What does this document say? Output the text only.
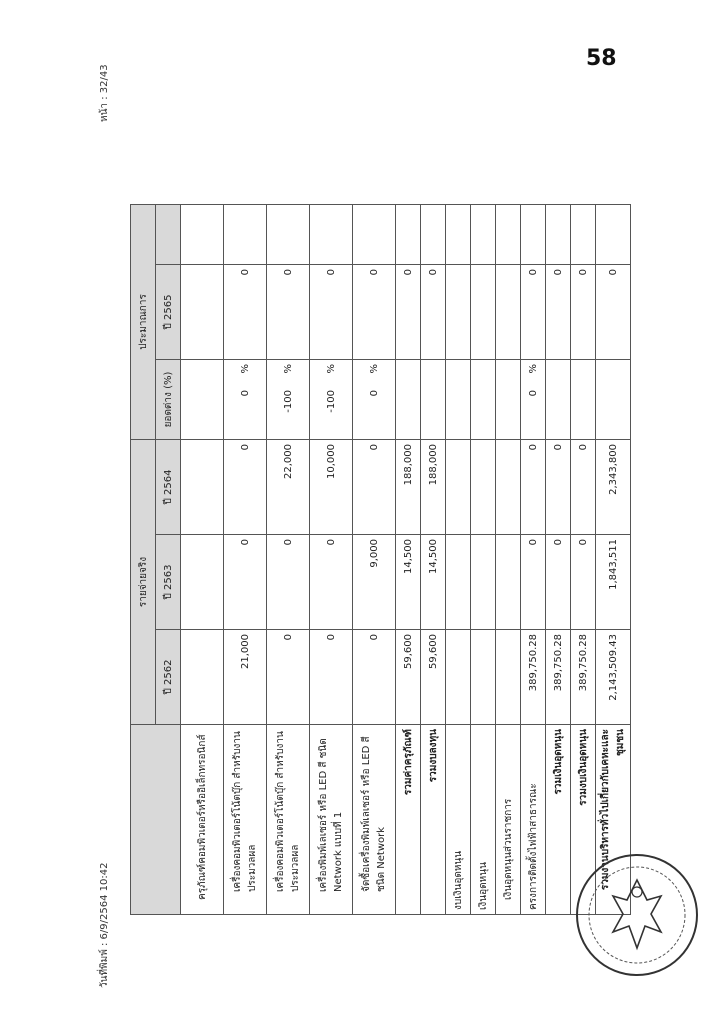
58
หน้า : 32/43
วันที่พิมพ์ : 6/9/2564 10:42
	รายจ่ายจริง			ประมาณการ		
	ปี 2562	ปี 2563	ปี 2564	ยอดต่าง (%)	ปี 2565	
ครุภัณฑ์คอมพิวเตอร์หรืออิเล็กทรอนิกส์						
เครื่องคอมพิวเตอร์โน้ตบุ๊ก สำหรับงาน ประมวลผล	21,000	0	0	0%	0	
เครื่องคอมพิวเตอร์โน้ตบุ๊ก สำหรับงาน ประมวลผล	0	0	22,000	-100%	0	
เครื่องพิมพ์เลเซอร์ หรือ LED สี ชนิด Network แบบที่ 1	0	0	10,000	-100%	0	
จัดซื้อเครื่องพิมพ์เลเซอร์ หรือ LED สี ชนิด Network	0	9,000	0	0%	0	
รวมค่าครุภัณฑ์	59,600	14,500	188,000		0	
รวมงบลงทุน	59,600	14,500	188,000		0	
งบเงินอุดหนุน						
เงินอุดหนุน						
เงินอุดหนุนส่วนราชการ						
ครงการติดตั้งไฟฟ้าสาธารณะ	389,750.28	0	0	0%	0	
รวมเงินอุดหนุน	389,750.28	0	0		0	
รวมงบเงินอุดหนุน	389,750.28	0	0		0	
รวมงานบริหารทั่วไปเกี่ยวกับเคหะและชุมชน	2,143,509.43	1,843,511	2,343,800		0	
